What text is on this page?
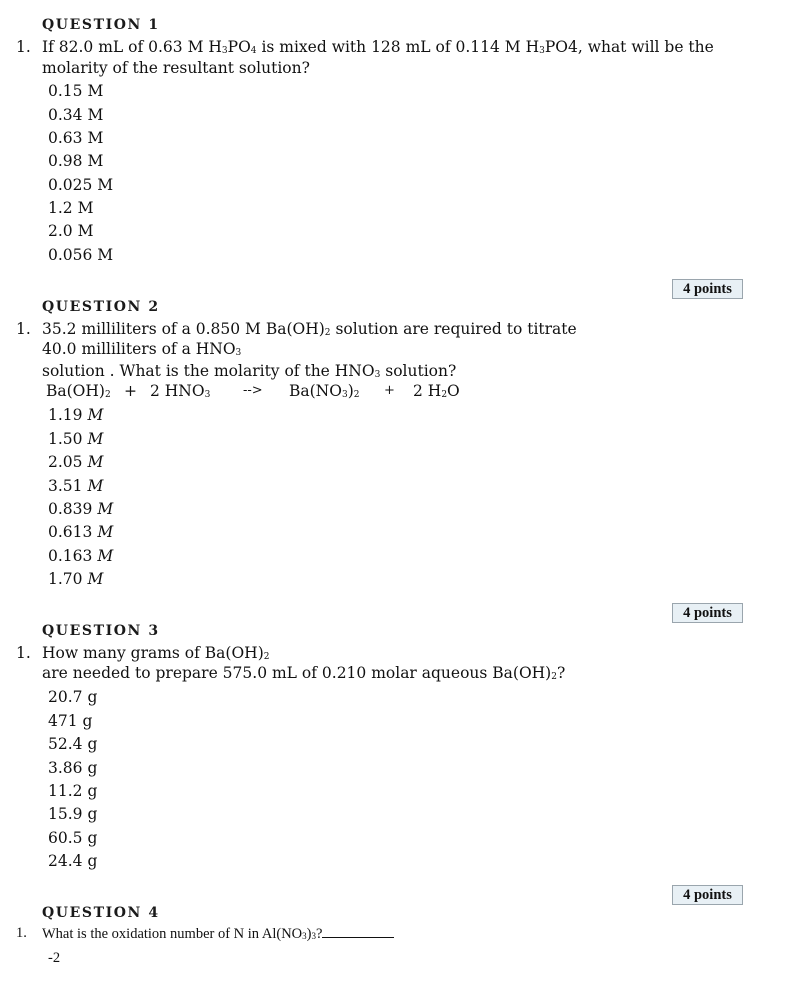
QUESTION 1
1. If 82.0 mL of 0.63 M $H_3PO_4$ is mixed with 128 mL of 0.114 M $H_3PO4$, what will be the
molarity of the resultant solution?
0.15 M
0.34 M
0.63 M
0.98 M
0.025 M
1.2 M
2.0 M
0.056 M
4 points
QUESTION 2
1. 35.2 milliliters of a 0.850 M $Ba(OH)_2$ solution are required to titrate
40.0 milliliters of a $HNO_3$
solution . What is the molarity of the $HNO_3$ solution?
$Ba(OH)_2 + 2$ $HNO_3$	--> $Ba(NO_3)_2 + 2$ $H_2O$
1.19 M
1.50 M
2.05 M
3.51 M
0.839 M
0.613 M
0.163 M
1.70 M
4 points
QUESTION 3
1. How many grams of $Ba(OH)_2$
are needed to prepare 575.0 mL of 0.210 molar aqueous $Ba(OH)_2$?
20.7 g
471 g
52.4 g
3.86 g
11.2 g
15.9 g
60.5 g
24.4 g
4 points
QUESTION 4
1. What is the oxidation number of N in $Al(NO_3)_3$?
-2
